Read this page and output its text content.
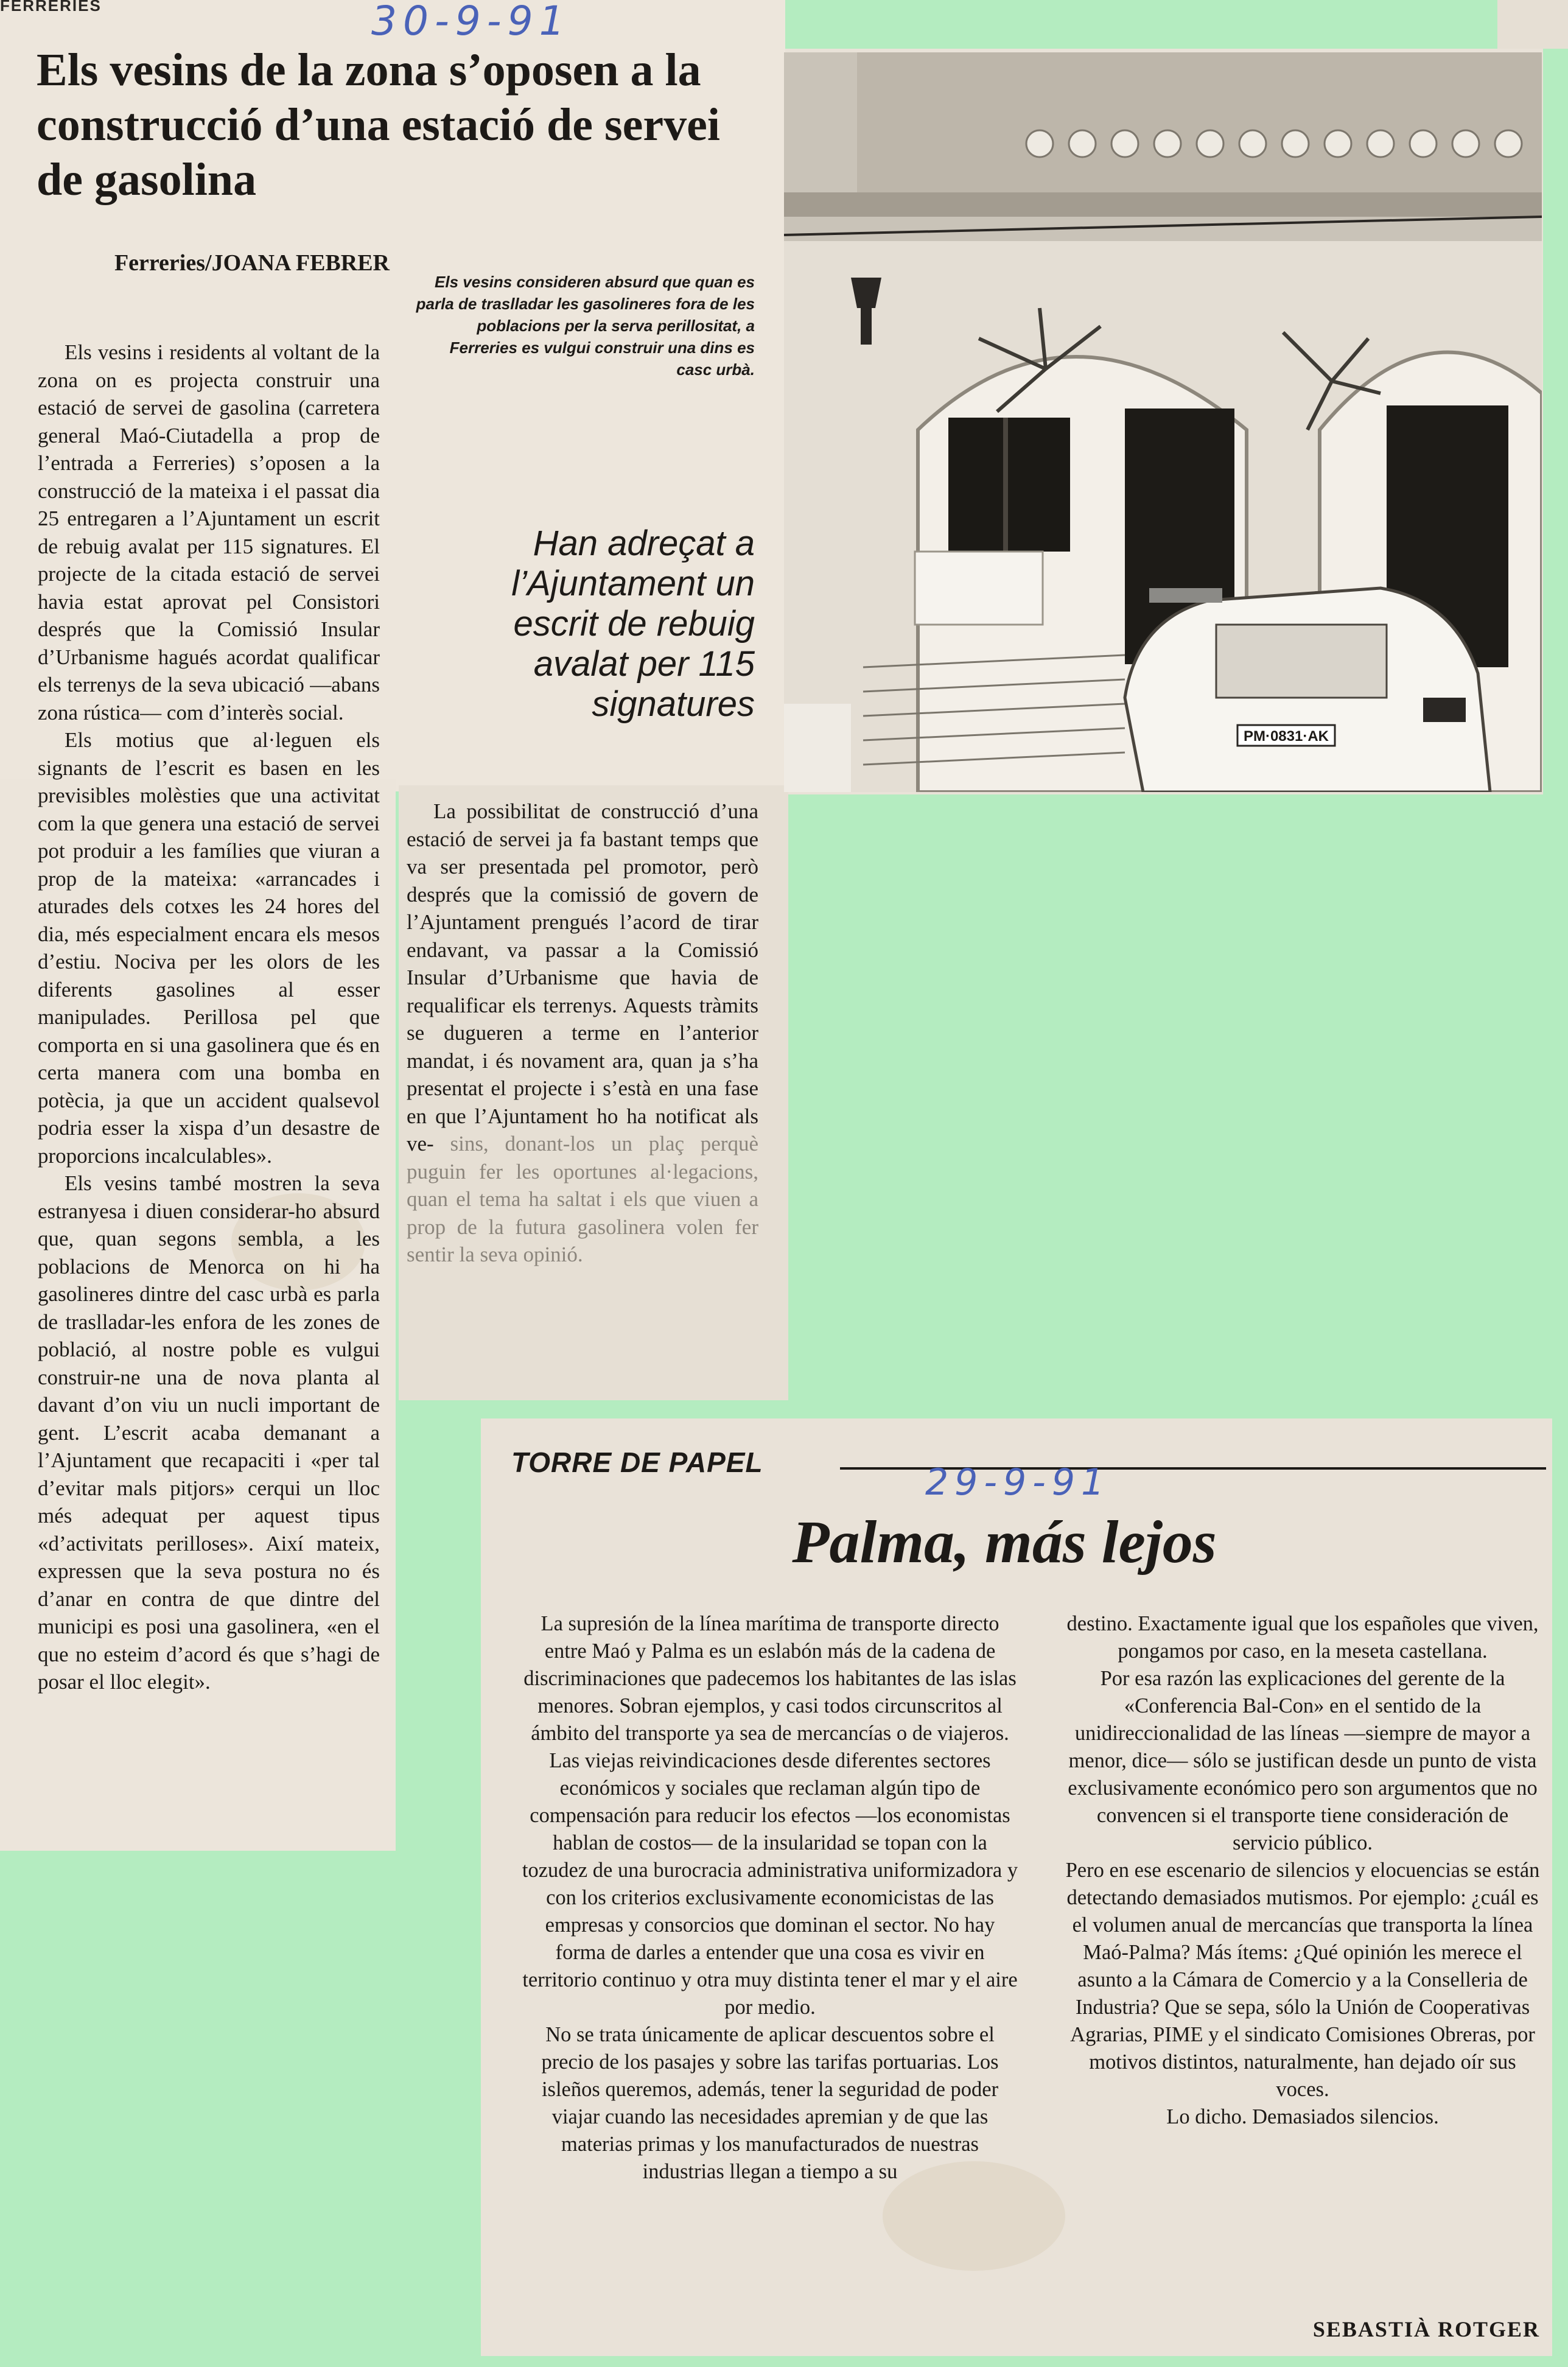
FERRERIES	30-9-91
Els vesins de la zona s’oposen a la construcció d’una estació de servei de gasolina
Ferreries/JOANA FEBRER

Els vesins i residents al voltant de la zona on es projecta construir una estació de servei de gasolina (carretera general Maó-Ciutadella a prop de l’entrada a Ferreries) s’oposen a la construcció de la mateixa i el passat dia 25 entregaren a l’Ajuntament un escrit de rebuig avalat per 115 signatures. El projecte de la citada estació de servei havia estat aprovat pel Consistori després que la Comissió Insular d’Urbanisme hagués acordat qualificar els terrenys de la seva ubicació —abans zona rústica— com d’interès social.

Els motius que al·leguen els signants de l’escrit es basen en les previsibles molèsties que una activitat com la que genera una estació de servei pot produir a les famílies que viuran a prop de la mateixa: «arrancades i aturades dels cotxes les 24 hores del dia, més especialment encara els mesos d’estiu. Nociva per les olors de les diferents gasolines al esser manipulades. Perillosa pel que comporta en si una gasolinera que és en certa manera com una bomba en potècia, ja que un accident qualsevol podria esser la xispa d’un desastre de proporcions incalculables».

Els vesins també mostren la seva estranyesa i diuen considerar-ho absurd que, quan segons sembla, a les poblacions de Menorca on hi ha gasolineres dintre del casc urbà es parla de traslladar-les enfora de les zones de població, al nostre poble es vulgui construir-ne una de nova planta al davant d’on viu un nucli important de gent. L’escrit acaba demanant a l’Ajuntament que recapaciti i «per tal d’evitar mals pitjors» cerqui un lloc més adequat per aquest tipus «d’activitats perilloses». Així mateix, expressen que la seva postura no és d’anar en contra de que dintre del municipi es posi una gasolinera, «en el que no esteim d’acord és que s’hagi de posar el lloc elegit».

Els vesins consideren absurd que quan es parla de traslladar les gasolineres fora de les poblacions per la serva perillositat, a Ferreries es vulgui construir una dins es casc urbà.

Han adreçat a l’Ajuntament un escrit de rebuig avalat per 115 signatures

La possibilitat de construcció d’una estació de servei ja fa bastant temps que va ser presentada pel promotor, però després que la comissió de govern de l’Ajuntament prengués l’acord de tirar endavant, va passar a la Comissió Insular d’Urbanisme que havia de requalificar els terrenys. Aquests tràmits se dugueren a terme en l’anterior mandat, i és novament ara, quan ja s’ha presentat el projecte i s’està en una fase en que l’Ajuntament ho ha notificat als ve- sins, donant-los un plaç perquè puguin fer les oportunes al·legacions, quan el tema ha saltat i els que viuen a prop de la futura gasolinera volen fer sentir la seva opinió.

PM·0831·AK
TORRE DE PAPEL	29-9-91
Palma, más lejos

La supresión de la línea marítima de transporte directo entre Maó y Palma es un eslabón más de la cadena de discriminaciones que padecemos los habitantes de las islas menores. Sobran ejemplos, y casi todos circunscritos al ámbito del transporte ya sea de mercancías o de viajeros. Las viejas reivindicaciones desde diferentes sectores económicos y sociales que reclaman algún tipo de compensación para reducir los efectos —los economistas hablan de costos— de la insularidad se topan con la tozudez de una burocracia administrativa uniformizadora y con los criterios exclusivamente economicistas de las empresas y consorcios que dominan el sector. No hay forma de darles a entender que una cosa es vivir en territorio continuo y otra muy distinta tener el mar y el aire por medio.

No se trata únicamente de aplicar descuentos sobre el precio de los pasajes y sobre las tarifas portuarias. Los isleños queremos, además, tener la seguridad de poder viajar cuando las necesidades apremian y de que las materias primas y los manufacturados de nuestras industrias llegan a tiempo a su

destino. Exactamente igual que los españoles que viven, pongamos por caso, en la meseta castellana.

Por esa razón las explicaciones del gerente de la «Conferencia Bal-Con» en el sentido de la unidireccionalidad de las líneas —siempre de mayor a menor, dice— sólo se justifican desde un punto de vista exclusivamente económico pero son argumentos que no convencen si el transporte tiene consideración de servicio público.

Pero en ese escenario de silencios y elocuencias se están detectando demasiados mutismos. Por ejemplo: ¿cuál es el volumen anual de mercancías que transporta la línea Maó-Palma? Más ítems: ¿Qué opinión les merece el asunto a la Cámara de Comercio y a la Conselleria de Industria? Que se sepa, sólo la Unión de Cooperativas Agrarias, PIME y el sindicato Comisiones Obreras, por motivos distintos, naturalmente, han dejado oír sus voces.

Lo dicho. Demasiados silencios.

SEBASTIÀ ROTGER
